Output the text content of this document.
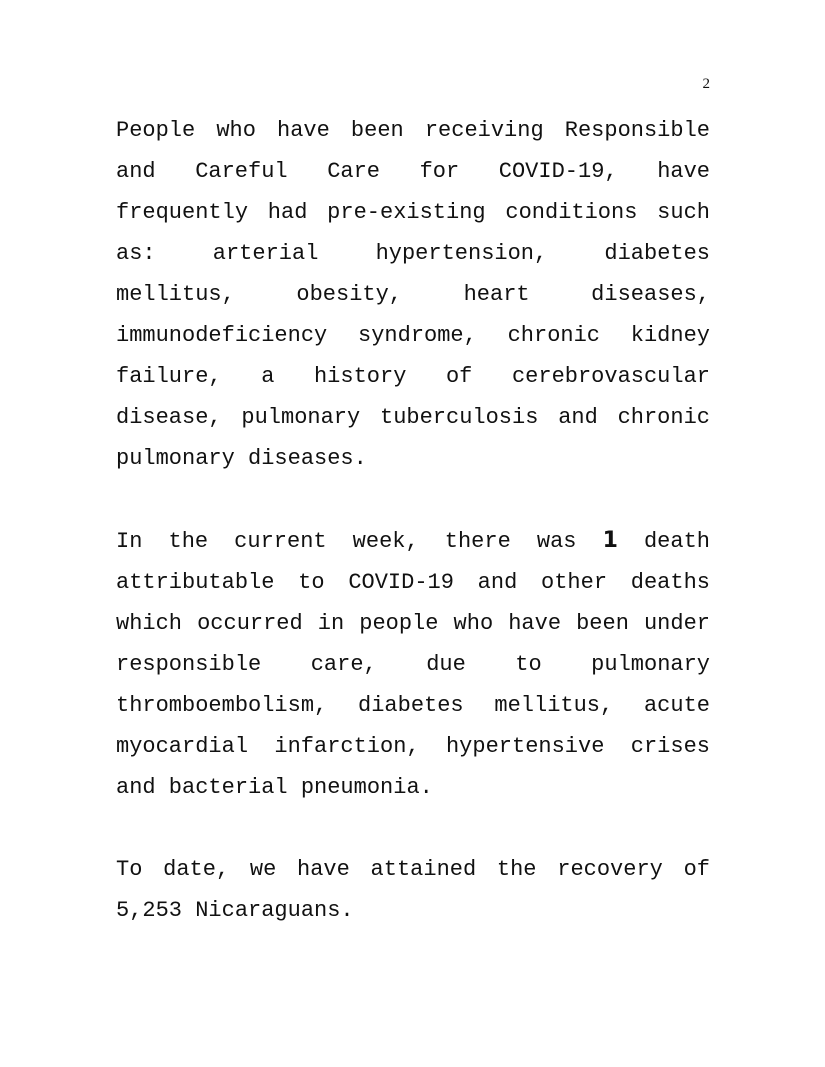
2

People who have been receiving Responsible and Careful Care for COVID-19, have frequently had pre-existing conditions such as: arterial hypertension, diabetes mellitus, obesity, heart diseases, immunodeficiency syndrome, chronic kidney failure, a history of cerebrovascular disease, pulmonary tuberculosis and chronic pulmonary diseases.

In the current week, there was 1 death attributable to COVID-19 and other deaths which occurred in people who have been under responsible care, due to pulmonary thromboembolism, diabetes mellitus, acute myocardial infarction, hypertensive crises and bacterial pneumonia.

To date, we have attained the recovery of 5,253 Nicaraguans.
